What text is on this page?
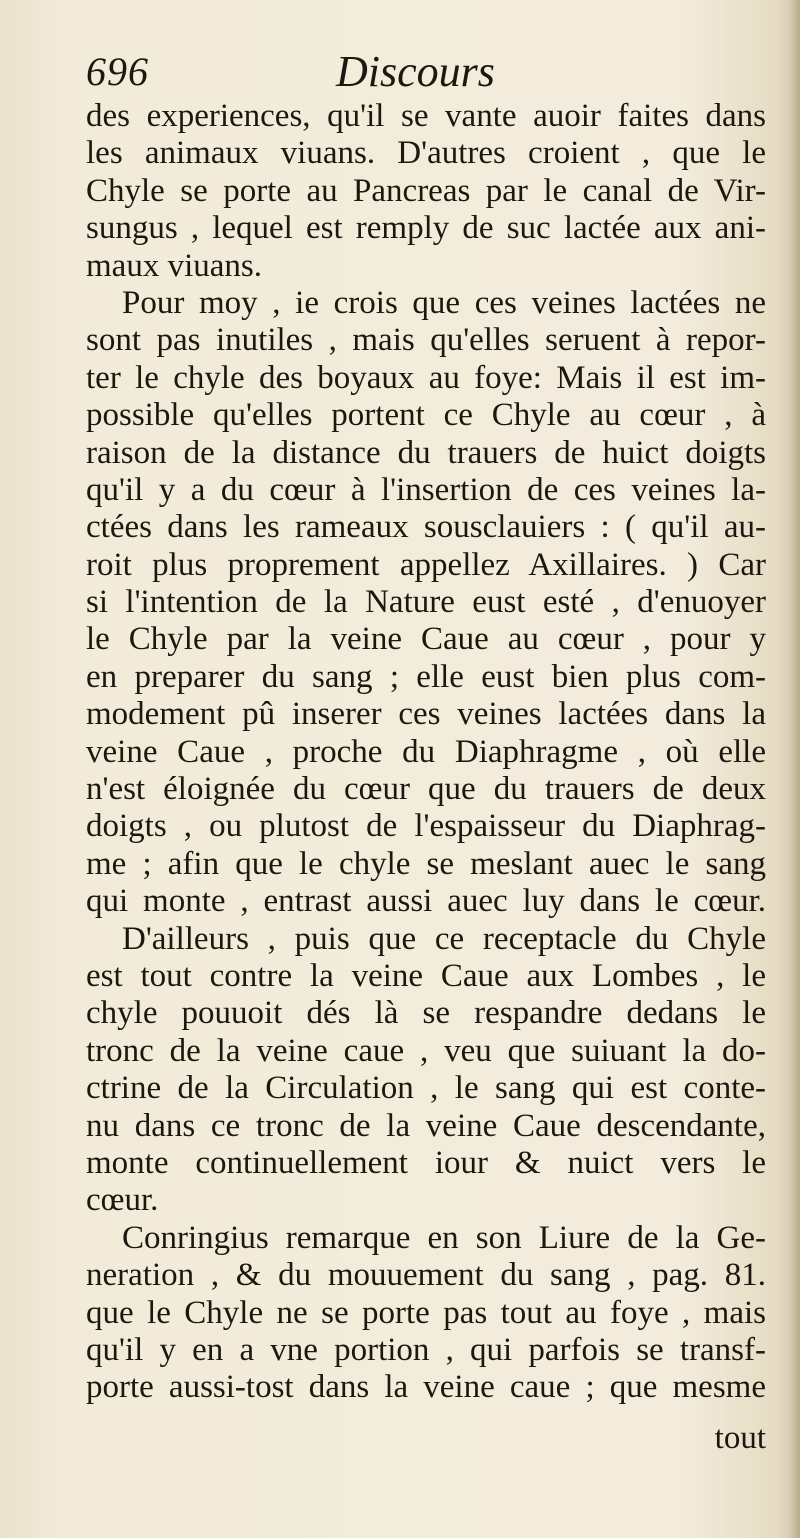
696	Discours
des experiences, qu'il se vante auoir faites dans
les animaux viuans. D'autres croient , que le
Chyle se porte au Pancreas par le canal de Vir-
sungus , lequel est remply de suc lactée aux ani-
maux viuans.
Pour moy , ie crois que ces veines lactées ne
sont pas inutiles , mais qu'elles seruent à repor-
ter le chyle des boyaux au foye: Mais il est im-
possible qu'elles portent ce Chyle au cœur , à
raison de la distance du trauers de huict doigts
qu'il y a du cœur à l'insertion de ces veines la-
ctées dans les rameaux sousclauiers : ( qu'il au-
roit plus proprement appellez Axillaires. ) Car
si l'intention de la Nature eust esté , d'enuoyer
le Chyle par la veine Caue au cœur , pour y
en preparer du sang ; elle eust bien plus com-
modement pû inserer ces veines lactées dans la
veine Caue , proche du Diaphragme , où elle
n'est éloignée du cœur que du trauers de deux
doigts , ou plutost de l'espaisseur du Diaphrag-
me ; afin que le chyle se meslant auec le sang
qui monte , entrast aussi auec luy dans le cœur.
D'ailleurs , puis que ce receptacle du Chyle
est tout contre la veine Caue aux Lombes , le
chyle pouuoit dés là se respandre dedans le
tronc de la veine caue , veu que suiuant la do-
ctrine de la Circulation , le sang qui est conte-
nu dans ce tronc de la veine Caue descendante,
monte continuellement iour & nuict vers le
cœur.
Conringius remarque en son Liure de la Ge-
neration , & du mouuement du sang , pag. 81.
que le Chyle ne se porte pas tout au foye , mais
qu'il y en a vne portion , qui parfois se transf-
porte aussi-tost dans la veine caue ; que mesme
tout
